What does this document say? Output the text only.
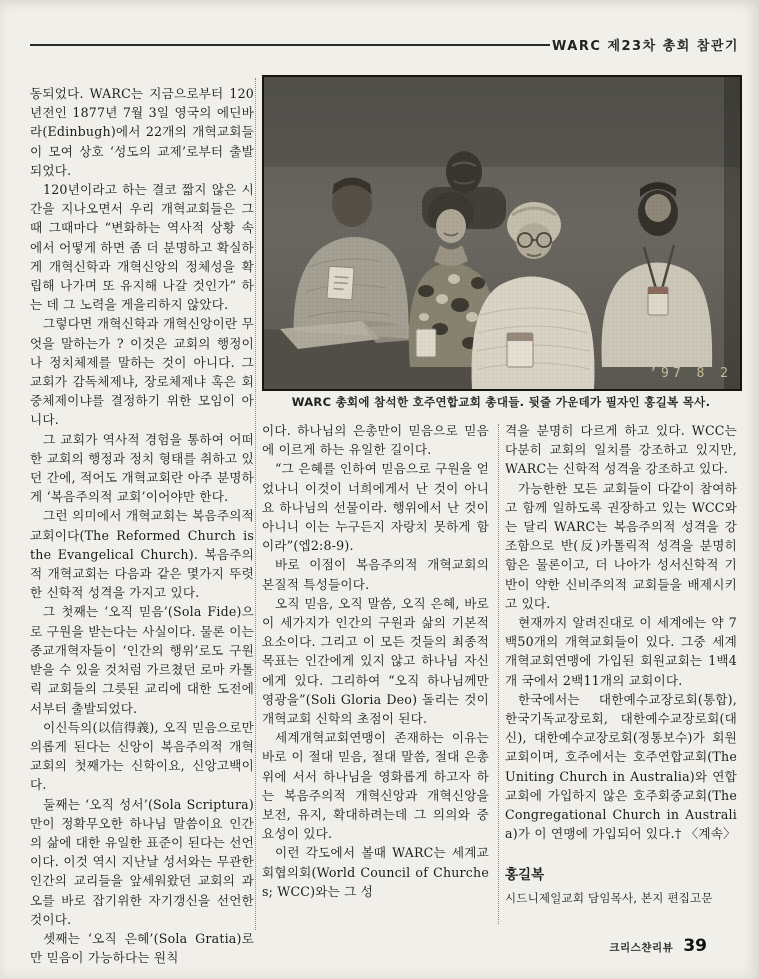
WARC 제23차 총회 참관기

동되었다. WARC는 지금으로부터 120년전인 1877년 7월 3일 영국의 에딘바라(Edinbugh)에서 22개의 개혁교회들이 모여 상호 ‘성도의 교제’로부터 출발되었다.

120년이라고 하는 결코 짧지 않은 시간을 지나오면서 우리 개혁교회들은 그때 그때마다 “변화하는 역사적 상황 속에서 어떻게 하면 좀 더 분명하고 확실하게 개혁신학과 개혁신앙의 정체성을 확립해 나가며 또 유지해 나갈 것인가” 하는 데 그 노력을 게을리하지 않았다.

그렇다면 개혁신학과 개혁신앙이란 무엇을 말하는가 ? 이것은 교회의 행정이나 정치체제를 말하는 것이 아니다. 그 교회가 감독체제냐, 장로체제냐 혹은 회중체제이냐를 결정하기 위한 모임이 아니다.

그 교회가 역사적 경험을 통하여 어떠한 교회의 행정과 정치 형태를 취하고 있던 간에, 적어도 개혁교회란 아주 분명하게 ‘복음주의적 교회’이어야만 한다.

그런 의미에서 개혁교회는 복음주의적 교회이다(The Reformed Church is the Evangelical Church). 복음주의적 개혁교회는 다음과 같은 몇가지 뚜렷한 신학적 성격을 가지고 있다.

그 첫째는 ‘오직 믿음’(Sola Fide)으로 구원을 받는다는 사실이다. 물론 이는 종교개혁자들이 ‘인간의 행위’로도 구원받을 수 있을 것처럼 가르쳤던 로마 카톨릭 교회들의 그릇된 교리에 대한 도전에서부터 출발되었다.

이신득의(以信得義), 오직 믿음으로만 의롭게 된다는 신앙이 복음주의적 개혁교회의 첫째가는 신학이요, 신앙고백이다.

둘째는 ‘오직 성서’(Sola Scriptura)만이 정확무오한 하나님 말씀이요 인간의 삶에 대한 유일한 표준이 된다는 선언이다. 이것 역시 지난날 성서와는 무관한 인간의 교리들을 앞세워왔던 교회의 과오를 바로 잡기위한 자기갱신을 선언한 것이다.

셋째는 ‘오직 은혜’(Sola Gratia)로만 믿음이 가능하다는 원칙

’97 8 2
WARC 총회에 참석한 호주연합교회 총대들. 뒷줄 가운데가 필자인 홍길복 목사.

이다. 하나님의 은총만이 믿음으로 믿음에 이르게 하는 유일한 길이다.

“그 은혜를 인하여 믿음으로 구원을 얻었나니 이것이 너희에게서 난 것이 아니요 하나님의 선물이라. 행위에서 난 것이 아니니 이는 누구든지 자랑치 못하게 함이라”(엡2:8-9).

바로 이점이 복음주의적 개혁교회의 본질적 특성들이다.

오직 믿음, 오직 말씀, 오직 은혜, 바로 이 세가지가 인간의 구원과 삶의 기본적 요소이다. 그리고 이 모든 것들의 최종적 목표는 인간에게 있지 않고 하나님 자신에게 있다. 그리하여 “오직 하나님께만 영광을”(Soli Gloria Deo) 돌리는 것이 개혁교회 신학의 초점이 된다.

세계개혁교회연맹이 존재하는 이유는 바로 이 절대 믿음, 절대 말씀, 절대 은총 위에 서서 하나님을 영화롭게 하고자 하는 복음주의적 개혁신앙과 개혁신앙을 보전, 유지, 확대하려는데 그 의의와 중요성이 있다.

이런 각도에서 볼때 WARC는 세계교회협의회(World Council of Churches; WCC)와는 그 성

격을 분명히 다르게 하고 있다. WCC는 다분히 교회의 일치를 강조하고 있지만, WARC는 신학적 성격을 강조하고 있다.

가능한한 모든 교회들이 다같이 참여하고 함께 일하도록 권장하고 있는 WCC와는 달리 WARC는 복음주의적 성격을 강조함으로 반(反)카톨릭적 성격을 분명히 함은 물론이고, 더 나아가 성서신학적 기반이 약한 신비주의적 교회들을 배제시키고 있다.

현재까지 알려진대로 이 세계에는 약 7백50개의 개혁교회들이 있다. 그중 세계개혁교회연맹에 가입된 회원교회는 1백4개 국에서 2백11개의 교회이다.

한국에서는 대한예수교장로회(통합), 한국기독교장로회, 대한예수교장로회(대신), 대한예수교장로회(정통보수)가 회원교회이며, 호주에서는 호주연합교회(The Uniting Church in Australia)와 연합교회에 가입하지 않은 호주회중교회(The Congregational Church in Australia)가 이 연맹에 가입되어 있다.† 〈계속〉

홍길복
시드니제일교회 담임목사, 본지 편집고문
크리스챤리뷰 39
